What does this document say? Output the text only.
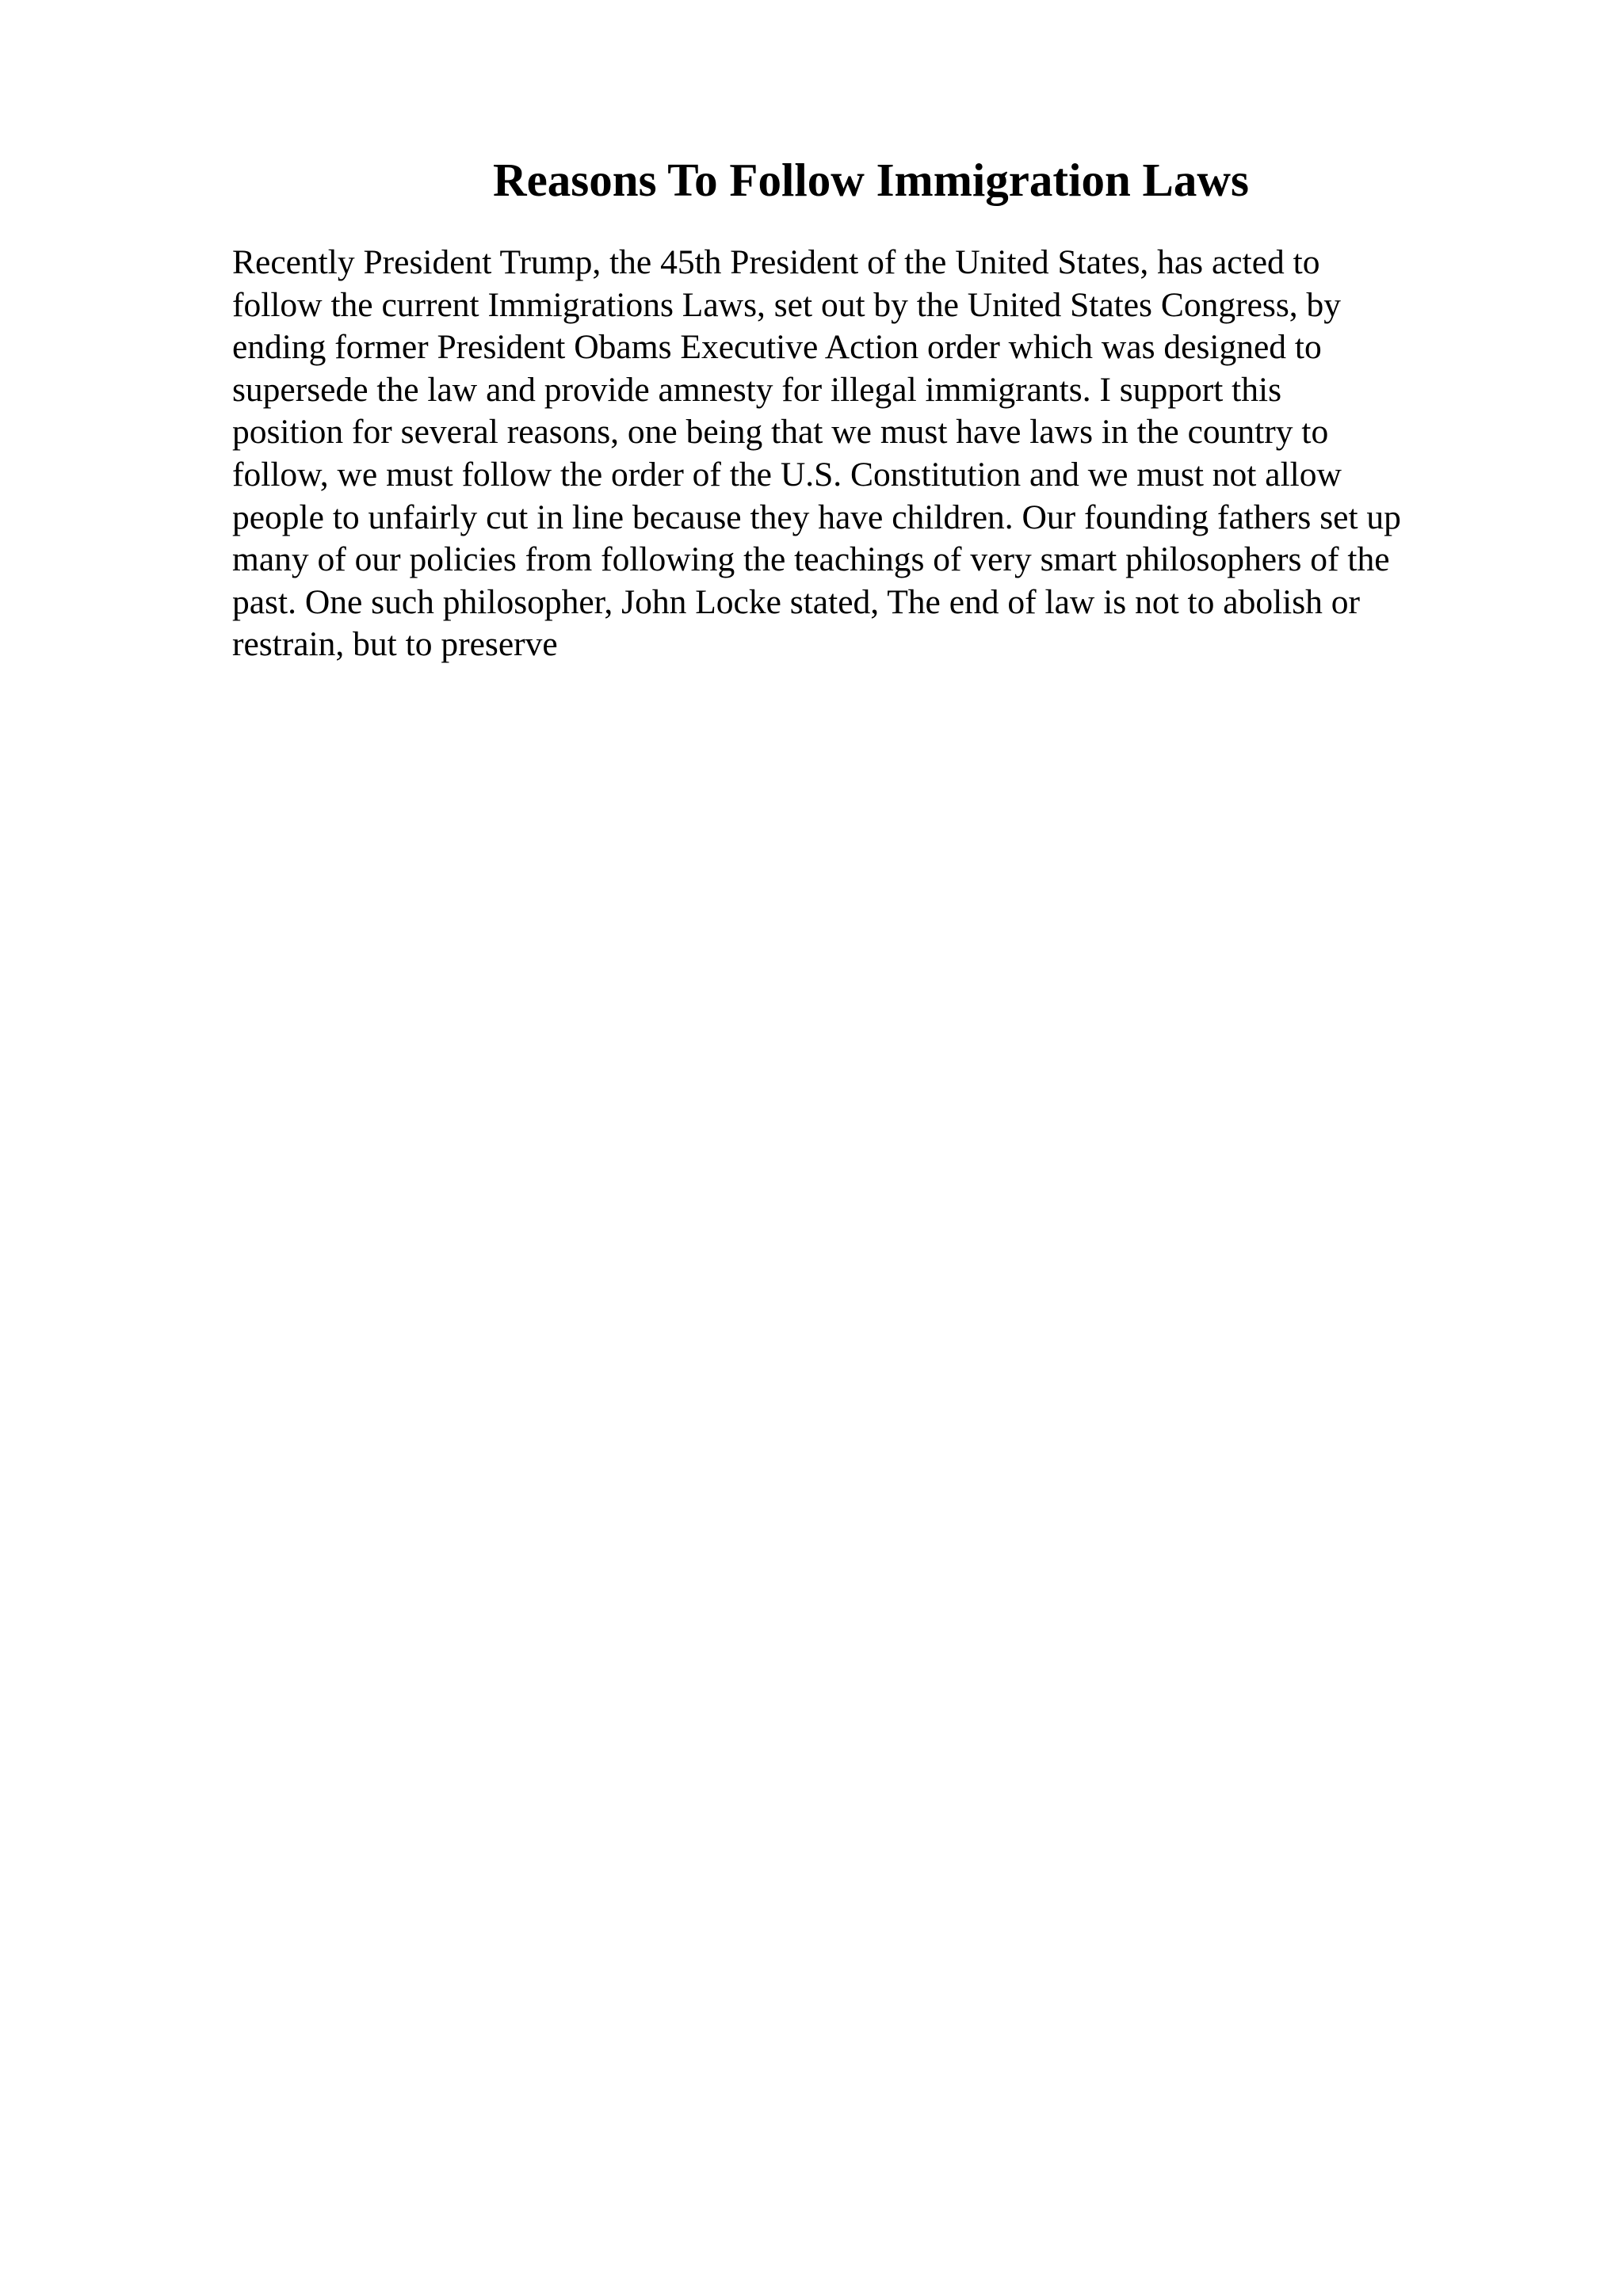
Reasons To Follow Immigration Laws
Recently President Trump, the 45th President of the United States, has acted to
follow the current Immigrations Laws, set out by the United States Congress, by
ending former President Obams Executive Action order which was designed to
supersede the law and provide amnesty for illegal immigrants. I support this
position for several reasons, one being that we must have laws in the country to
follow, we must follow the order of the U.S. Constitution and we must not allow
people to unfairly cut in line because they have children. Our founding fathers set up
many of our policies from following the teachings of very smart philosophers of the
past. One such philosopher, John Locke stated, The end of law is not to abolish or
restrain, but to preserve
